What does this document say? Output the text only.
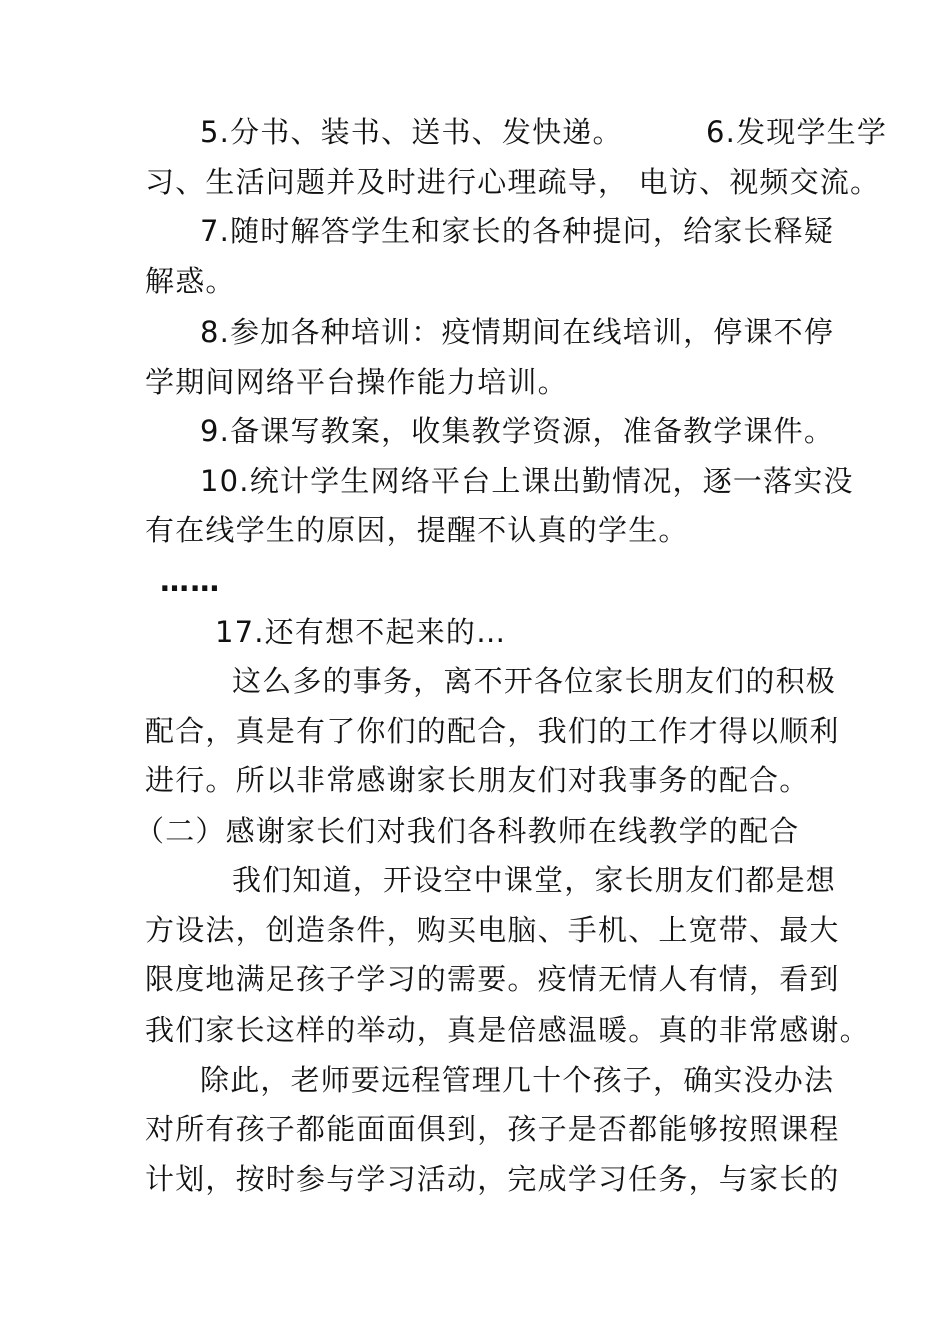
5.分书、装书、送书、发快递。        6.发现学生学
习、生活问题并及时进行心理疏导， 电访、视频交流。
7.随时解答学生和家长的各种提问，给家长释疑
解惑。
8.参加各种培训：疫情期间在线培训，停课不停
学期间网络平台操作能力培训。
9.备课写教案，收集教学资源，准备教学课件。
10.统计学生网络平台上课出勤情况，逐一落实没
有在线学生的原因，提醒不认真的学生。
……
17.还有想不起来的…
这么多的事务，离不开各位家长朋友们的积极
配合，真是有了你们的配合，我们的工作才得以顺利
进行。所以非常感谢家长朋友们对我事务的配合。
（二）感谢家长们对我们各科教师在线教学的配合
我们知道，开设空中课堂，家长朋友们都是想
方设法，创造条件，购买电脑、手机、上宽带、最大
限度地满足孩子学习的需要。疫情无情人有情，看到
我们家长这样的举动，真是倍感温暖。真的非常感谢。
除此，老师要远程管理几十个孩子，确实没办法
对所有孩子都能面面俱到，孩子是否都能够按照课程
计划，按时参与学习活动，完成学习任务，与家长的
